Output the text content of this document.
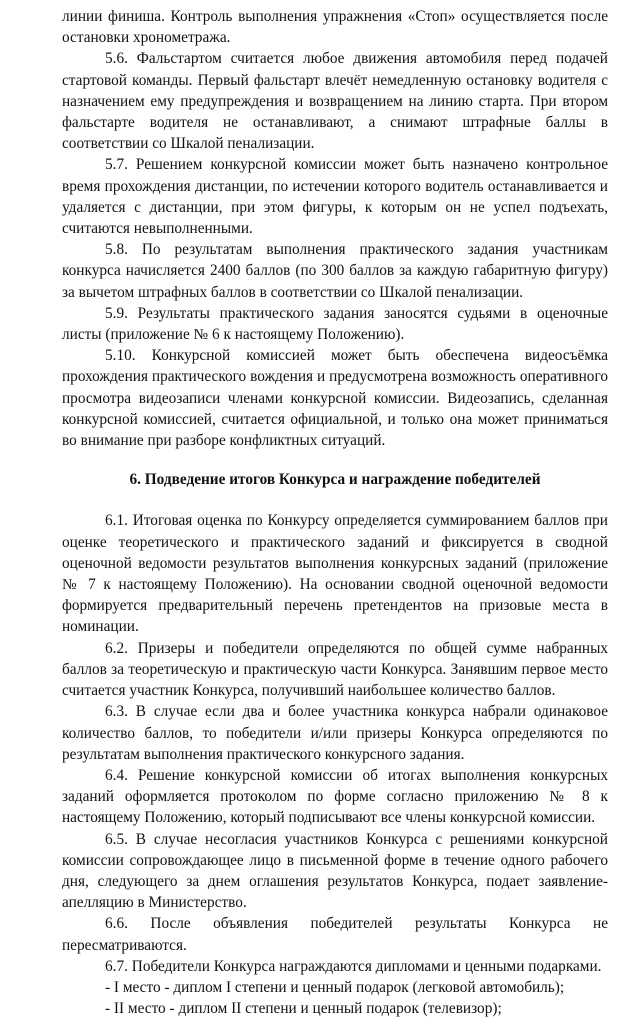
линии финиша. Контроль выполнения упражнения «Стоп» осуществляется после остановки хронометража.

5.6. Фальстартом считается любое движения автомобиля перед подачей стартовой команды. Первый фальстарт влечёт немедленную остановку водителя с назначением ему предупреждения и возвращением на линию старта. При втором фальстарте водителя не останавливают, а снимают штрафные баллы в соответствии со Шкалой пенализации.

5.7. Решением конкурсной комиссии может быть назначено контрольное время прохождения дистанции, по истечении которого водитель останавливается и удаляется с дистанции, при этом фигуры, к которым он не успел подъехать, считаются невыполненными.

5.8. По результатам выполнения практического задания участникам конкурса начисляется 2400 баллов (по 300 баллов за каждую габаритную фигуру) за вычетом штрафных баллов в соответствии со Шкалой пенализации.

5.9. Результаты практического задания заносятся судьями в оценочные листы (приложение № 6 к настоящему Положению).

5.10. Конкурсной комиссией может быть обеспечена видеосъёмка прохождения практического вождения и предусмотрена возможность оперативного просмотра видеозаписи членами конкурсной комиссии. Видеозапись, сделанная конкурсной комиссией, считается официальной, и только она может приниматься во внимание при разборе конфликтных ситуаций.

6. Подведение итогов Конкурса и награждение победителей

6.1. Итоговая оценка по Конкурсу определяется суммированием баллов при оценке теоретического и практического заданий и фиксируется в сводной оценочной ведомости результатов выполнения конкурсных заданий (приложение № 7 к настоящему Положению). На основании сводной оценочной ведомости формируется предварительный перечень претендентов на призовые места в номинации.

6.2. Призеры и победители определяются по общей сумме набранных баллов за теоретическую и практическую части Конкурса. Занявшим первое место считается участник Конкурса, получивший наибольшее количество баллов.

6.3. В случае если два и более участника конкурса набрали одинаковое количество баллов, то победители и/или призеры Конкурса определяются по результатам выполнения практического конкурсного задания.

6.4. Решение конкурсной комиссии об итогах выполнения конкурсных заданий оформляется протоколом по форме согласно приложению № 8 к настоящему Положению, который подписывают все члены конкурсной комиссии.

6.5. В случае несогласия участников Конкурса с решениями конкурсной комиссии сопровождающее лицо в письменной форме в течение одного рабочего дня, следующего за днем оглашения результатов Конкурса, подает заявление-апелляцию в Министерство.

6.6. После объявления победителей результаты Конкурса не пересматриваются.

6.7. Победители Конкурса награждаются дипломами и ценными подарками.

- I место - диплом I степени и ценный подарок (легковой автомобиль);

- II место - диплом II степени и ценный подарок (телевизор);
